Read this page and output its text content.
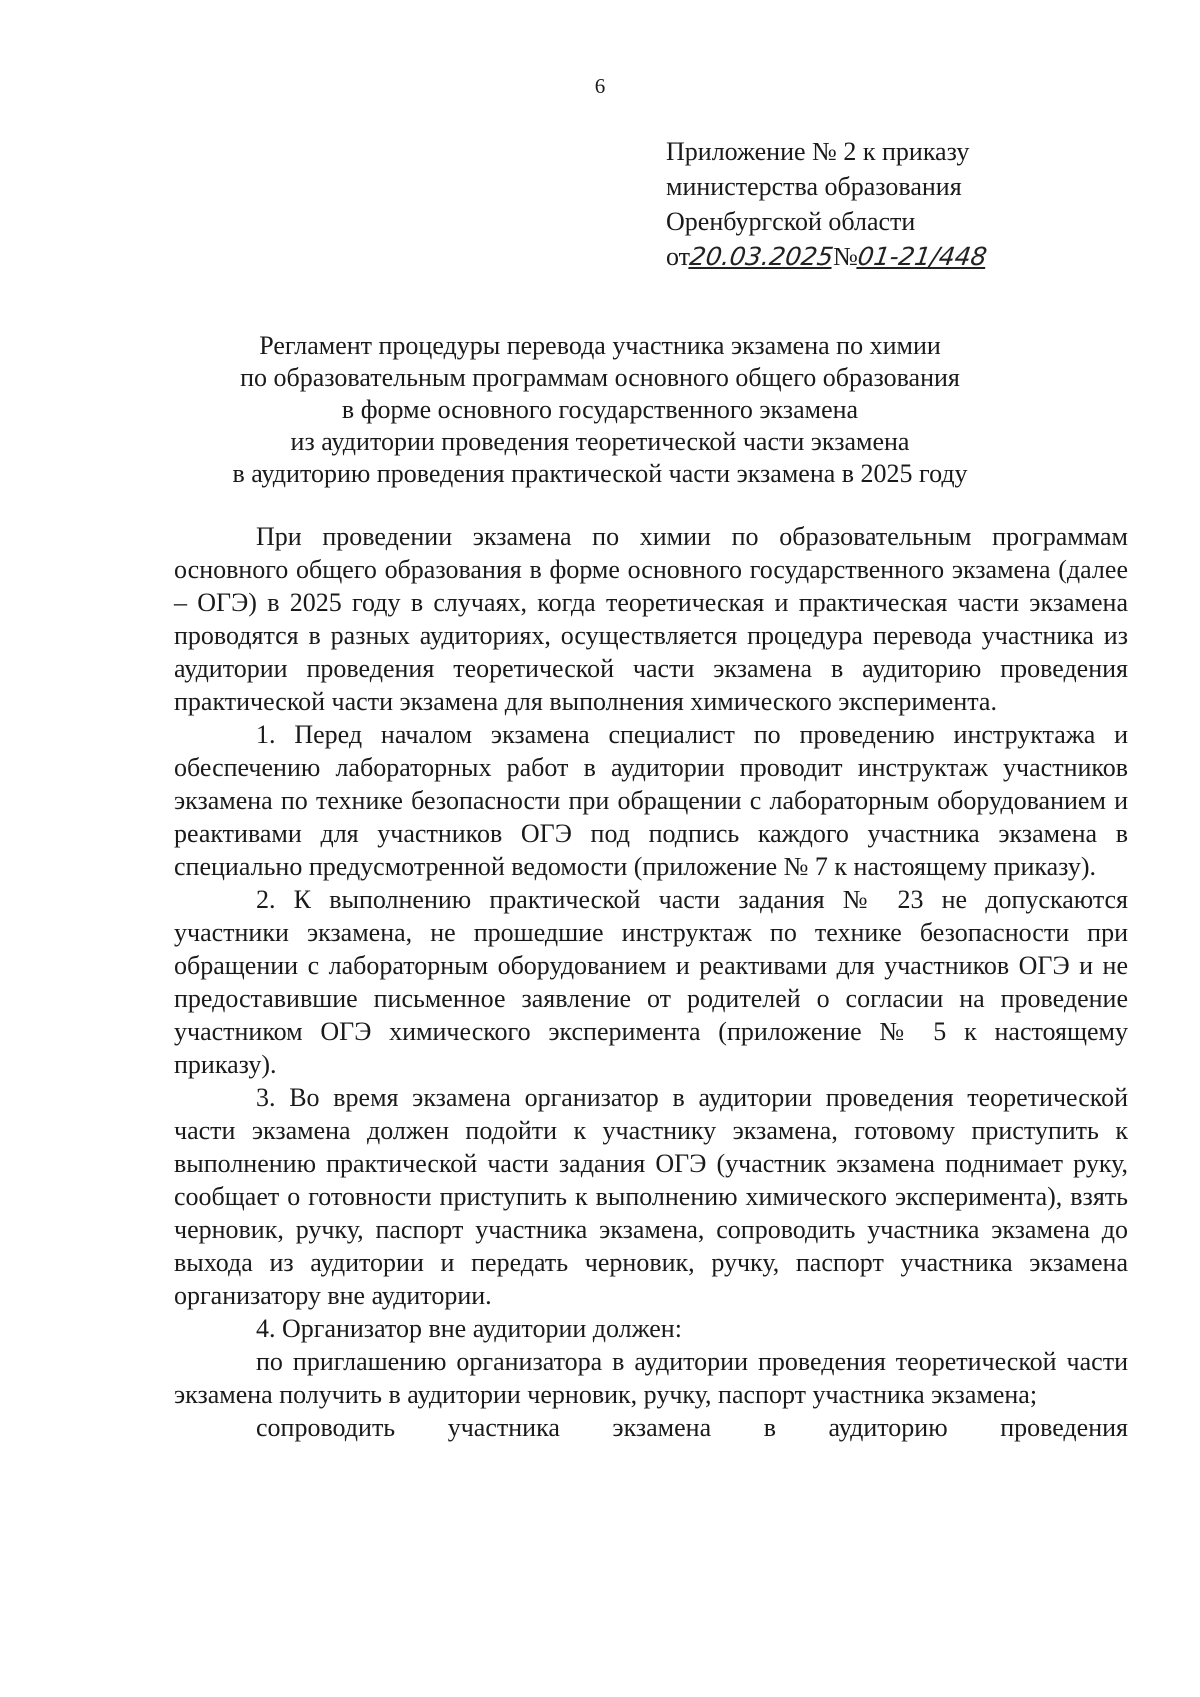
6
Приложение № 2 к приказу
министерства образования
Оренбургской области
от20.03.2025№01-21/448
Регламент процедуры перевода участника экзамена по химии
по образовательным программам основного общего образования
в форме основного государственного экзамена
из аудитории проведения теоретической части экзамена
в аудиторию проведения практической части экзамена в 2025 году

При проведении экзамена по химии по образовательным программам основного общего образования в форме основного государственного экзамена (далее – ОГЭ) в 2025 году в случаях, когда теоретическая и практическая части экзамена проводятся в разных аудиториях, осуществляется процедура перевода участника из аудитории проведения теоретической части экзамена в аудиторию проведения практической части экзамена для выполнения химического эксперимента.

1. Перед началом экзамена специалист по проведению инструктажа и обеспечению лабораторных работ в аудитории проводит инструктаж участников экзамена по технике безопасности при обращении с лабораторным оборудованием и реактивами для участников ОГЭ под подпись каждого участника экзамена в специально предусмотренной ведомости (приложение № 7 к настоящему приказу).

2. К выполнению практической части задания № 23 не допускаются участники экзамена, не прошедшие инструктаж по технике безопасности при обращении с лабораторным оборудованием и реактивами для участников ОГЭ и не предоставившие письменное заявление от родителей о согласии на проведение участником ОГЭ химического эксперимента (приложение № 5 к настоящему приказу).

3. Во время экзамена организатор в аудитории проведения теоретической части экзамена должен подойти к участнику экзамена, готовому приступить к выполнению практической части задания ОГЭ (участник экзамена поднимает руку, сообщает о готовности приступить к выполнению химического эксперимента), взять черновик, ручку, паспорт участника экзамена, сопроводить участника экзамена до выхода из аудитории и передать черновик, ручку, паспорт участника экзамена организатору вне аудитории.

4. Организатор вне аудитории должен:

по приглашению организатора в аудитории проведения теоретической части экзамена получить в аудитории черновик, ручку, паспорт участника экзамена;

сопроводить участника экзамена в аудиторию проведения
